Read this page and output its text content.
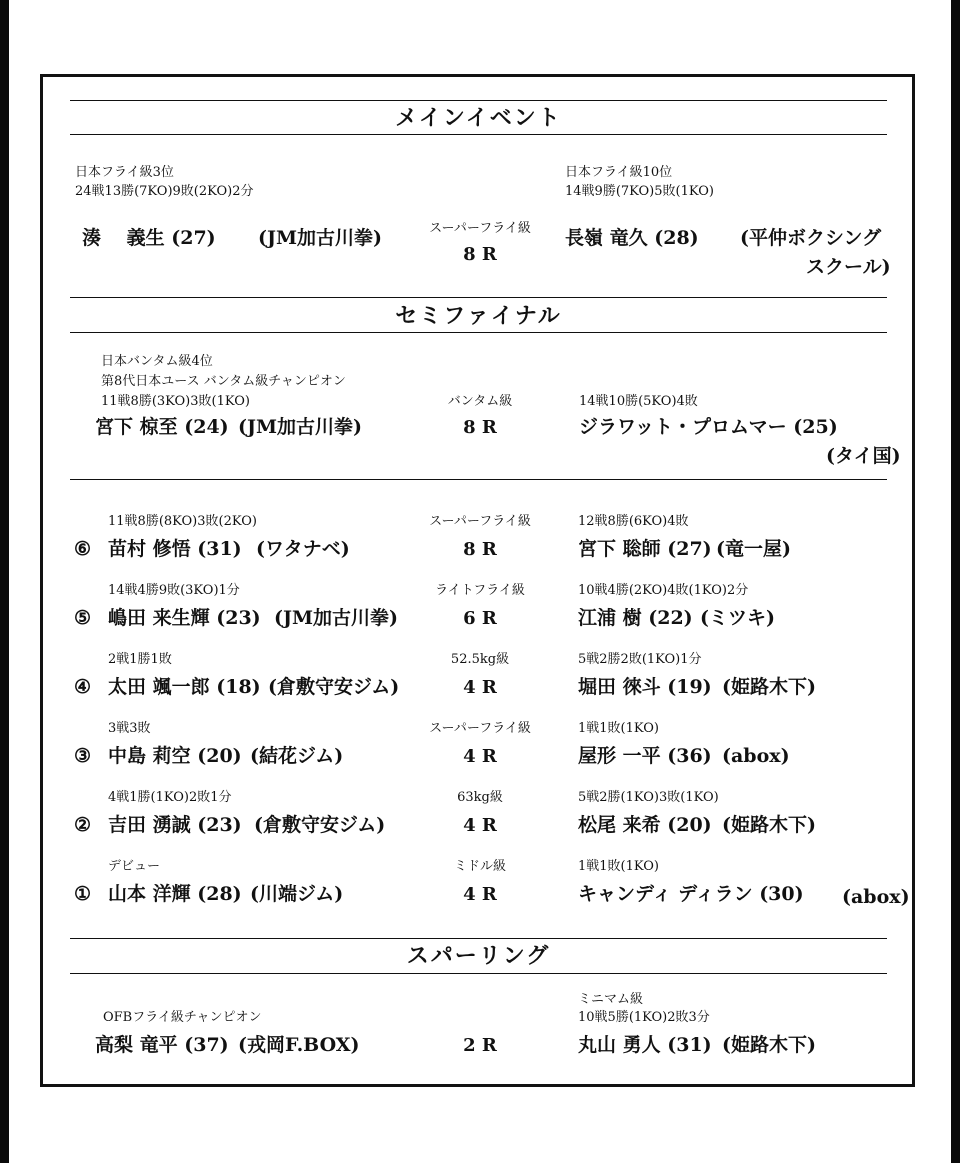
メインイベント
日本フライ級3位
24戦13勝(7KO)9敗(2KO)2分
湊　 義生 (27) (JM加古川拳)	スーパーフライ級
8 R
日本フライ級10位
14戦9勝(7KO)5敗(1KO)
長嶺 竜久 (28) (平仲ボクシング
スクール)
セミファイナル
日本バンタム級4位
第8代日本ユース バンタム級チャンピオン
11戦8勝(3KO)3敗(1KO)
宮下 椋至 (24) (JM加古川拳)
バンタム級
8 R
14戦10勝(5KO)4敗
ジラワット・プロムマー (25)
(タイ国)
11戦8勝(8KO)3敗(2KO)
⑥ 苗村 修悟 (31) (ワタナベ)
スーパーフライ級
8 R
12戦8勝(6KO)4敗
宮下 聡師 (27) (竜一屋)
14戦4勝9敗(3KO)1分
⑤ 嶋田 来生輝 (23) (JM加古川拳)
ライトフライ級
6 R
10戦4勝(2KO)4敗(1KO)2分
江浦 樹 (22) (ミツキ)
2戦1勝1敗
④ 太田 颯一郎 (18) (倉敷守安ジム)
52.5kg級
4 R
5戦2勝2敗(1KO)1分
堀田 徠斗 (19) (姫路木下)
3戦3敗
③ 中島 莉空 (20) (結花ジム)
スーパーフライ級
4 R
1戦1敗(1KO)
屋形 一平 (36) (abox)
4戦1勝(1KO)2敗1分
② 吉田 湧誠 (23) (倉敷守安ジム)
63kg級
4 R
5戦2勝(1KO)3敗(1KO)
松尾 来希 (20) (姫路木下)
デビュー
① 山本 洋輝 (28) (川端ジム)
ミドル級
4 R
1戦1敗(1KO)
キャンディ ディラン (30) (abox)
スパーリング
OFBフライ級チャンピオン
高梨 竜平 (37) (戎岡F.BOX)	2 R
ミニマム級
10戦5勝(1KO)2敗3分
丸山 勇人 (31) (姫路木下)
